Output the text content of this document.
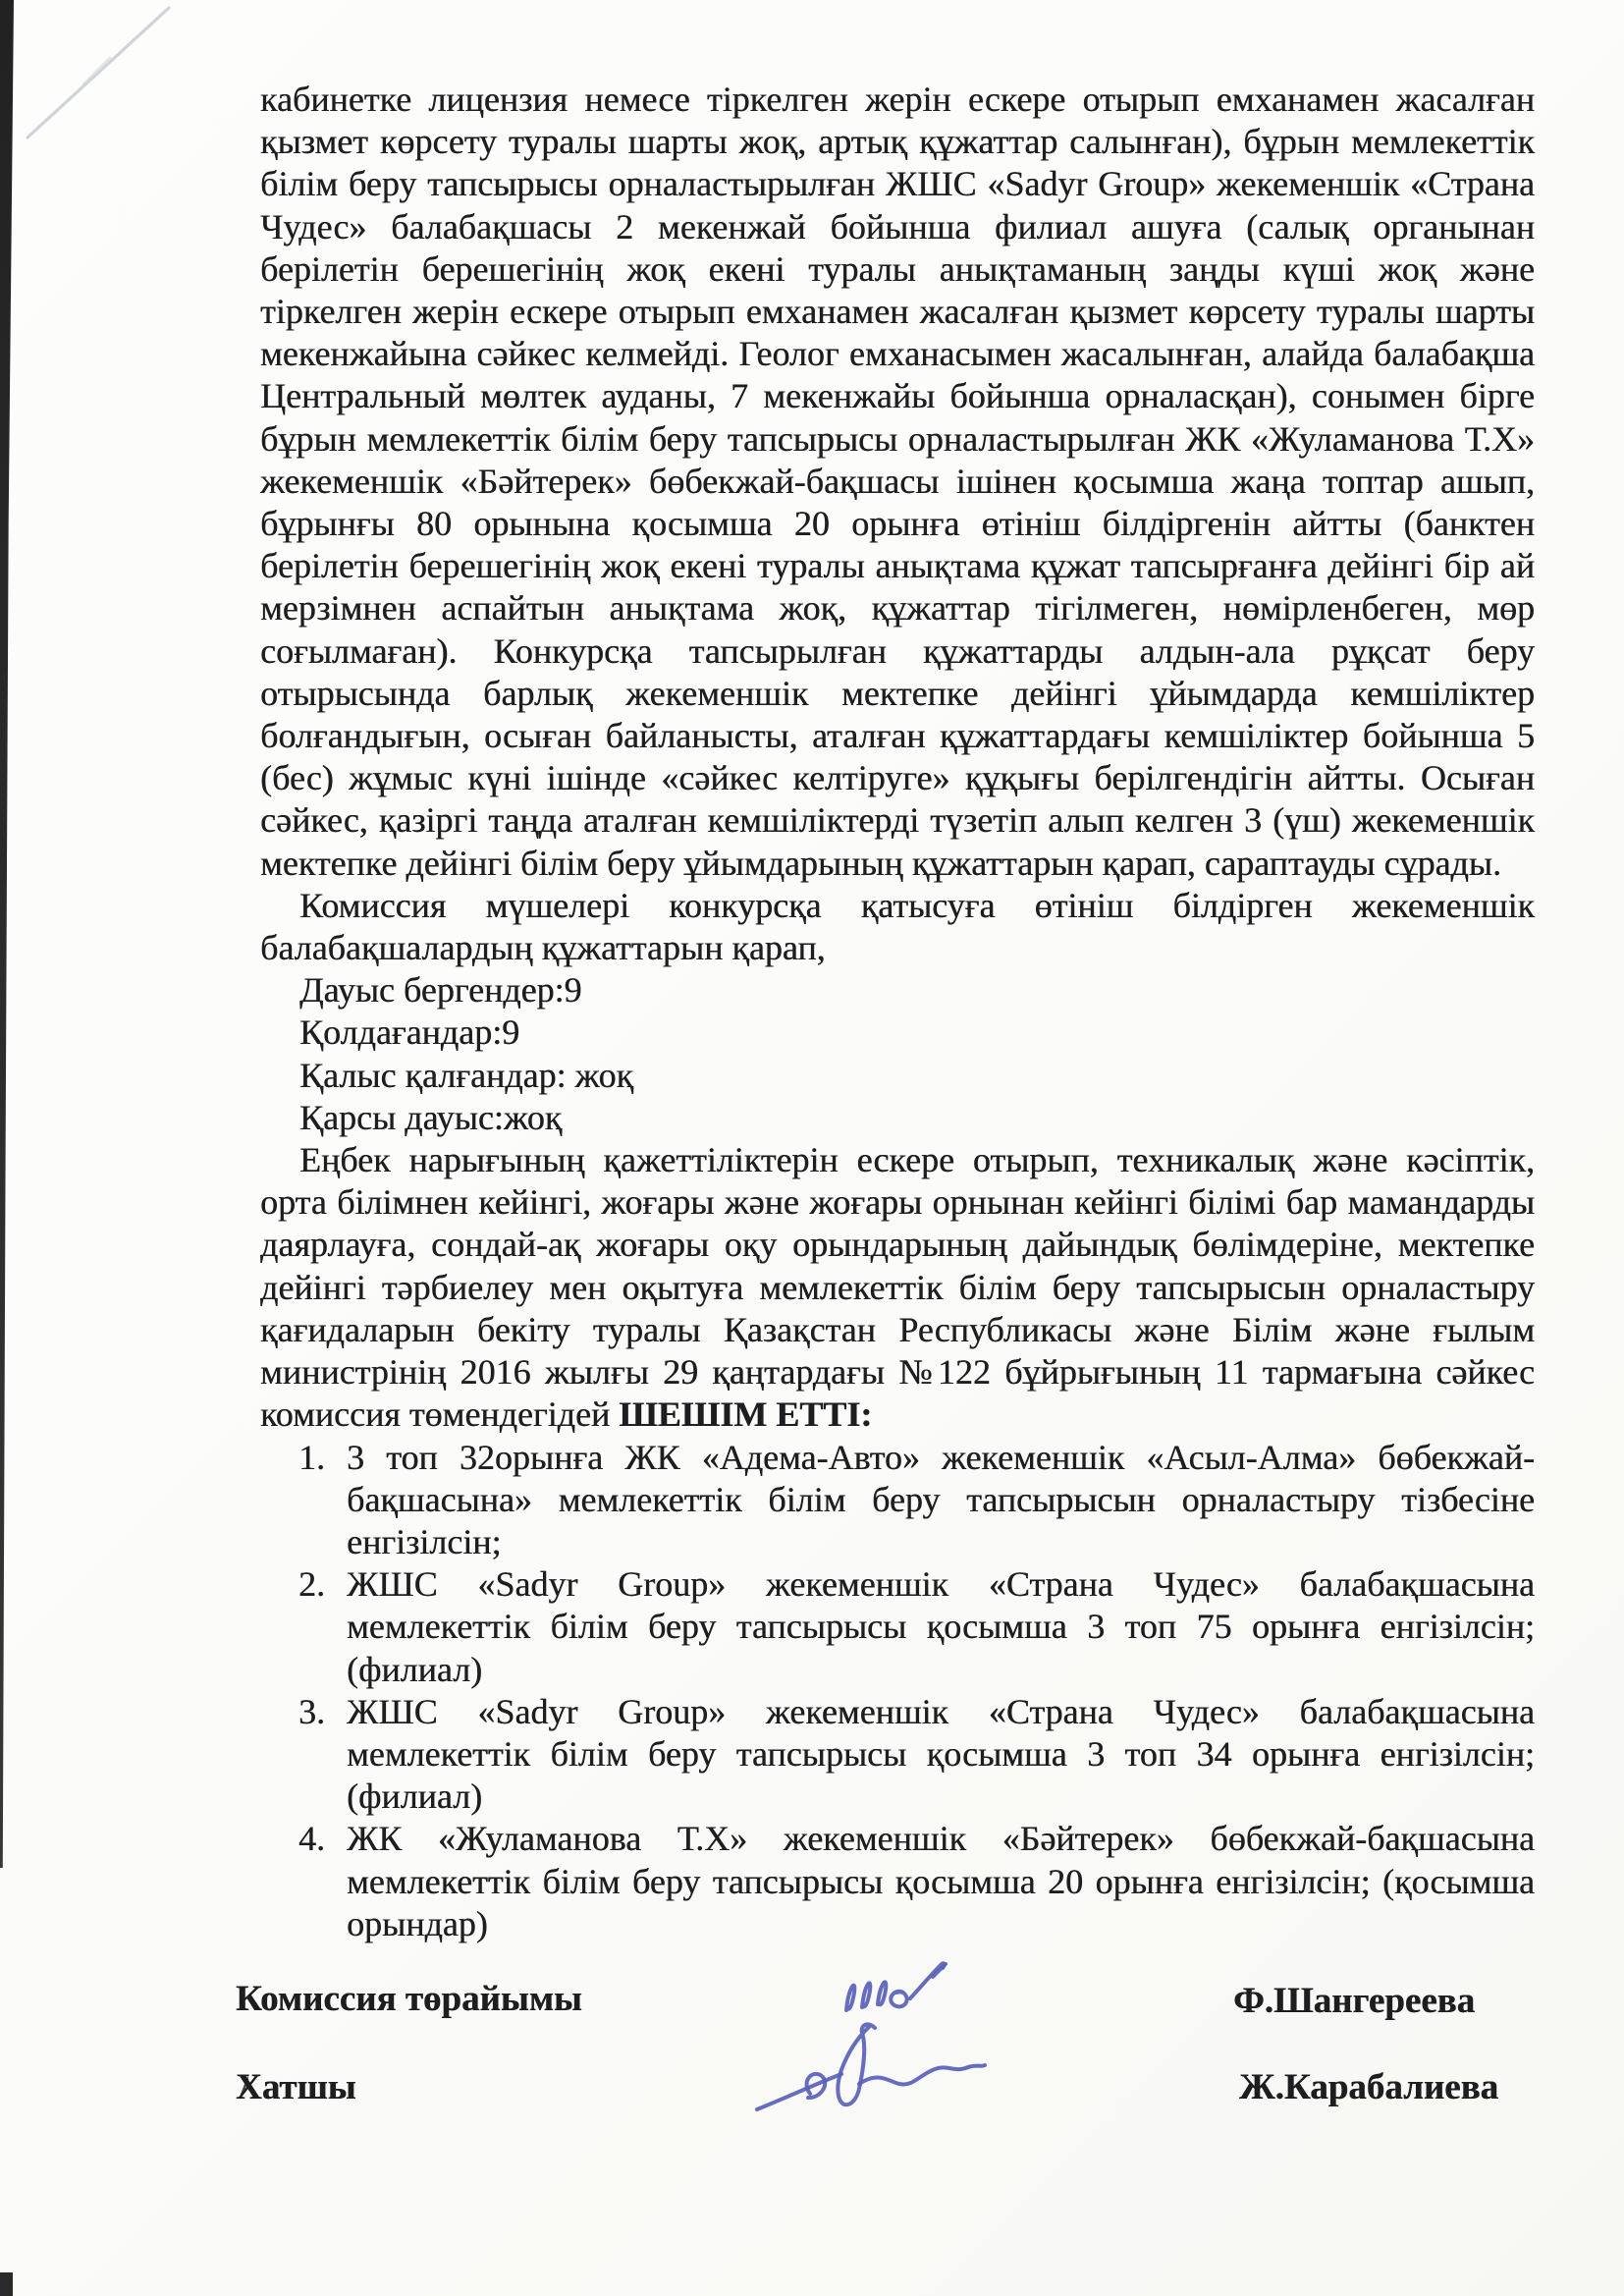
кабинетке лицензия немесе тіркелген жерін ескере отырып емханамен жасалған қызмет көрсету туралы шарты жоқ, артық құжаттар салынған), бұрын мемлекеттік білім беру тапсырысы орналастырылған ЖШС «Sadyr Group» жекеменшік «Страна Чудес» балабақшасы 2 мекенжай бойынша филиал ашуға (салық органынан берілетін берешегінің жоқ екені туралы анықтаманың заңды күші жоқ және тіркелген жерін ескере отырып емханамен жасалған қызмет көрсету туралы шарты мекенжайына сәйкес келмейді. Геолог емханасымен жасалынған, алайда балабақша Центральный мөлтек ауданы, 7 мекенжайы бойынша орналасқан), сонымен бірге бұрын мемлекеттік білім беру тапсырысы орналастырылған ЖК «Жуламанова Т.Х» жекеменшік «Бәйтерек» бөбекжай-бақшасы ішінен қосымша жаңа топтар ашып, бұрынғы 80 орынына қосымша 20 орынға өтініш білдіргенін айтты (банктен берілетін берешегінің жоқ екені туралы анықтама құжат тапсырғанға дейінгі бір ай мерзімнен аспайтын анықтама жоқ, құжаттар тігілмеген, нөмірленбеген, мөр соғылмаған). Конкурсқа тапсырылған құжаттарды алдын-ала рұқсат беру отырысында барлық жекеменшік мектепке дейінгі ұйымдарда кемшіліктер болғандығын, осыған байланысты, аталған құжаттардағы кемшіліктер бойынша 5 (бес) жұмыс күні ішінде «сәйкес келтіруге» құқығы берілгендігін айтты. Осыған сәйкес, қазіргі таңда аталған кемшіліктерді түзетіп алып келген 3 (үш) жекеменшік мектепке дейінгі білім беру ұйымдарының құжаттарын қарап, сараптауды сұрады.

Комиссия мүшелері конкурсқа қатысуға өтініш білдірген жекеменшік балабақшалардың құжаттарын қарап,

Дауыс бергендер:9
Қолдағандар:9
Қалыс қалғандар: жоқ
Қарсы дауыс:жоқ

Еңбек нарығының қажеттіліктерін ескере отырып, техникалық және кәсіптік, орта білімнен кейінгі, жоғары және жоғары орнынан кейінгі білімі бар мамандарды даярлауға, сондай-ақ жоғары оқу орындарының дайындық бөлімдеріне, мектепке дейінгі тәрбиелеу мен оқытуға мемлекеттік білім беру тапсырысын орналастыру қағидаларын бекіту туралы Қазақстан Республикасы және Білім және ғылым министрінің 2016 жылғы 29 қаңтардағы №122 бұйрығының 11 тармағына сәйкес комиссия төмендегідей ШЕШІМ ЕТТІ:

1. 3 топ 32орынға ЖК «Адема-Авто» жекеменшік «Асыл-Алма» бөбекжай-бақшасына» мемлекеттік білім беру тапсырысын орналастыру тізбесіне енгізілсін;
2. ЖШС «Sadyr Group» жекеменшік «Страна Чудес» балабақшасына мемлекеттік білім беру тапсырысы қосымша 3 топ 75 орынға енгізілсін; (филиал)
3. ЖШС «Sadyr Group» жекеменшік «Страна Чудес» балабақшасына мемлекеттік білім беру тапсырысы қосымша 3 топ 34 орынға енгізілсін; (филиал)
4. ЖК «Жуламанова Т.Х» жекеменшік «Бәйтерек» бөбекжай-бақшасына мемлекеттік білім беру тапсырысы қосымша 20 орынға енгізілсін; (қосымша орындар)
Комиссия төрайымы	Ф.Шангереева
Хатшы	Ж.Карабалиева
